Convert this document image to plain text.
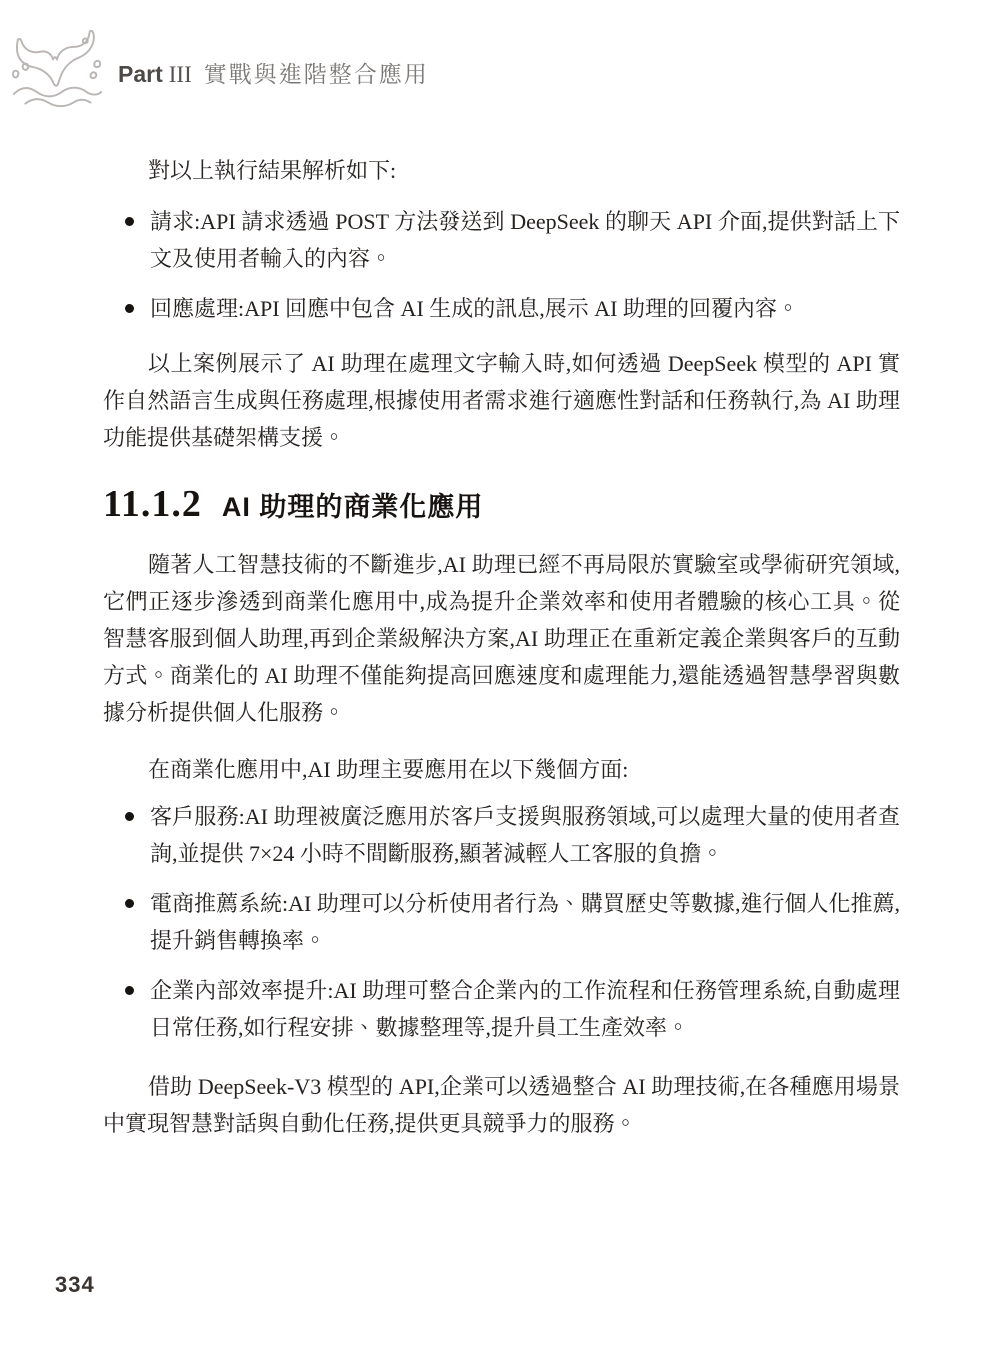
Part III 實戰與進階整合應用

對以上執行結果解析如下:

請求:API 請求透過 POST 方法發送到 DeepSeek 的聊天 API 介面,提供對話上下文及使用者輸入的內容。
回應處理:API 回應中包含 AI 生成的訊息,展示 AI 助理的回覆內容。

以上案例展示了 AI 助理在處理文字輸入時,如何透過 DeepSeek 模型的 API 實作自然語言生成與任務處理,根據使用者需求進行適應性對話和任務執行,為 AI 助理功能提供基礎架構支援。

11.1.2 AI 助理的商業化應用

隨著人工智慧技術的不斷進步,AI 助理已經不再局限於實驗室或學術研究領域,它們正逐步滲透到商業化應用中,成為提升企業效率和使用者體驗的核心工具。從智慧客服到個人助理,再到企業級解決方案,AI 助理正在重新定義企業與客戶的互動方式。商業化的 AI 助理不僅能夠提高回應速度和處理能力,還能透過智慧學習與數據分析提供個人化服務。

在商業化應用中,AI 助理主要應用在以下幾個方面:

客戶服務:AI 助理被廣泛應用於客戶支援與服務領域,可以處理大量的使用者查詢,並提供 7×24 小時不間斷服務,顯著減輕人工客服的負擔。
電商推薦系統:AI 助理可以分析使用者行為、購買歷史等數據,進行個人化推薦,提升銷售轉換率。
企業內部效率提升:AI 助理可整合企業內的工作流程和任務管理系統,自動處理日常任務,如行程安排、數據整理等,提升員工生產效率。

借助 DeepSeek-V3 模型的 API,企業可以透過整合 AI 助理技術,在各種應用場景中實現智慧對話與自動化任務,提供更具競爭力的服務。

334
